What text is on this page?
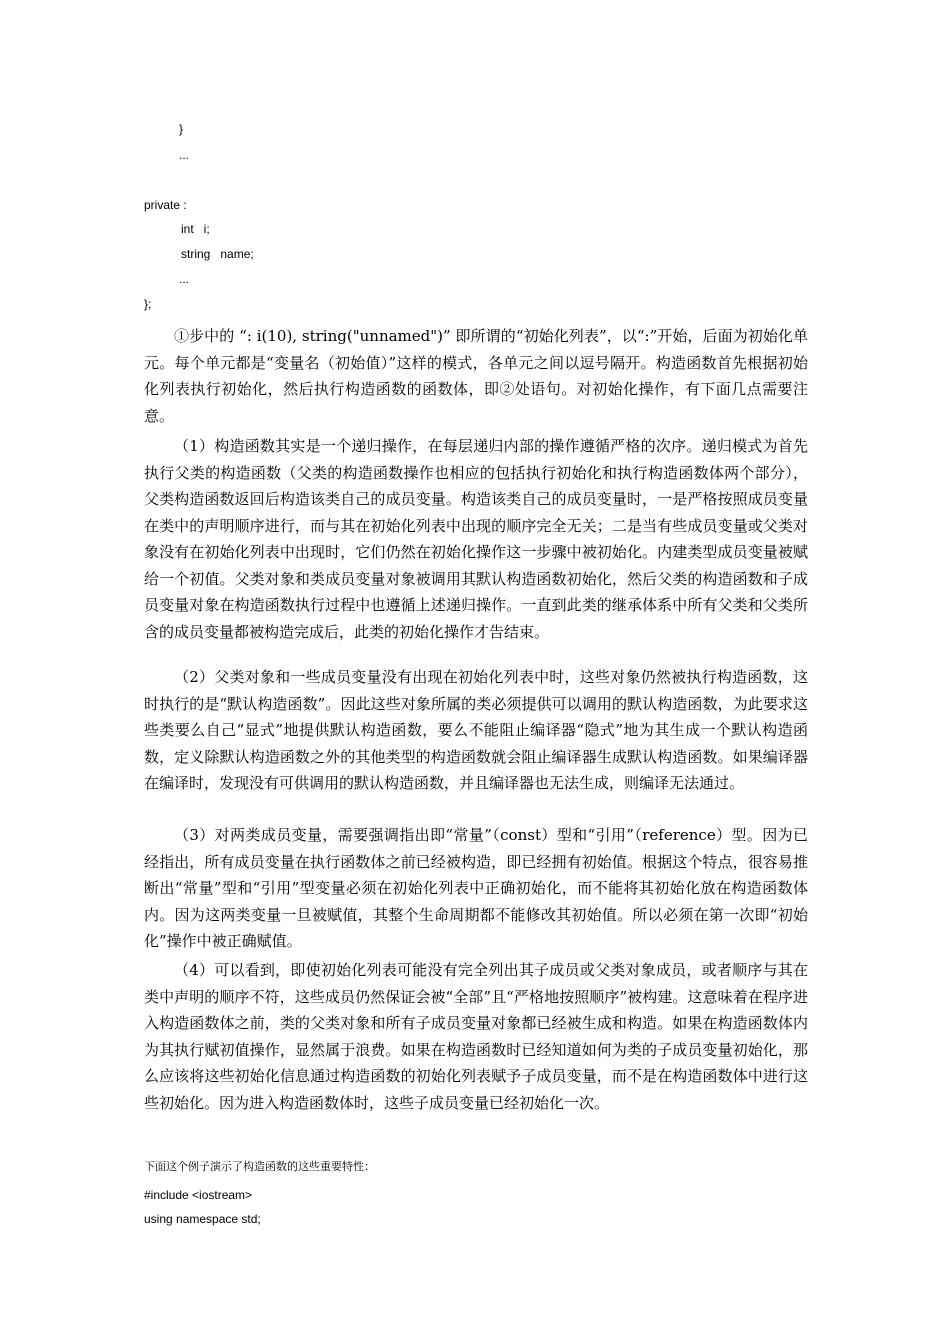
}
...
private :
int   i;
string   name;
...
};

①步中的 “: i(10), string("unnamed")” 即所谓的“初始化列表”，以“:”开始，后面为初始化单元。每个单元都是“变量名（初始值）”这样的模式，各单元之间以逗号隔开。构造函数首先根据初始化列表执行初始化，然后执行构造函数的函数体，即②处语句。对初始化操作，有下面几点需要注意。

（1）构造函数其实是一个递归操作，在每层递归内部的操作遵循严格的次序。递归模式为首先执行父类的构造函数（父类的构造函数操作也相应的包括执行初始化和执行构造函数体两个部分），父类构造函数返回后构造该类自己的成员变量。构造该类自己的成员变量时，一是严格按照成员变量在类中的声明顺序进行，而与其在初始化列表中出现的顺序完全无关；二是当有些成员变量或父类对象没有在初始化列表中出现时，它们仍然在初始化操作这一步骤中被初始化。内建类型成员变量被赋给一个初值。父类对象和类成员变量对象被调用其默认构造函数初始化，然后父类的构造函数和子成员变量对象在构造函数执行过程中也遵循上述递归操作。一直到此类的继承体系中所有父类和父类所含的成员变量都被构造完成后，此类的初始化操作才告结束。

（2）父类对象和一些成员变量没有出现在初始化列表中时，这些对象仍然被执行构造函数，这时执行的是“默认构造函数”。因此这些对象所属的类必须提供可以调用的默认构造函数，为此要求这些类要么自己“显式”地提供默认构造函数，要么不能阻止编译器“隐式”地为其生成一个默认构造函数，定义除默认构造函数之外的其他类型的构造函数就会阻止编译器生成默认构造函数。如果编译器在编译时，发现没有可供调用的默认构造函数，并且编译器也无法生成，则编译无法通过。

（3）对两类成员变量，需要强调指出即“常量”（const）型和“引用”（reference）型。因为已经指出，所有成员变量在执行函数体之前已经被构造，即已经拥有初始值。根据这个特点，很容易推断出“常量”型和“引用”型变量必须在初始化列表中正确初始化，而不能将其初始化放在构造函数体内。因为这两类变量一旦被赋值，其整个生命周期都不能修改其初始值。所以必须在第一次即“初始化”操作中被正确赋值。

（4）可以看到，即使初始化列表可能没有完全列出其子成员或父类对象成员，或者顺序与其在类中声明的顺序不符，这些成员仍然保证会被“全部”且“严格地按照顺序”被构建。这意味着在程序进入构造函数体之前，类的父类对象和所有子成员变量对象都已经被生成和构造。如果在构造函数体内为其执行赋初值操作，显然属于浪费。如果在构造函数时已经知道如何为类的子成员变量初始化，那么应该将这些初始化信息通过构造函数的初始化列表赋予子成员变量，而不是在构造函数体中进行这些初始化。因为进入构造函数体时，这些子成员变量已经初始化一次。

下面这个例子演示了构造函数的这些重要特性：

#include <iostream>
using namespace std;
